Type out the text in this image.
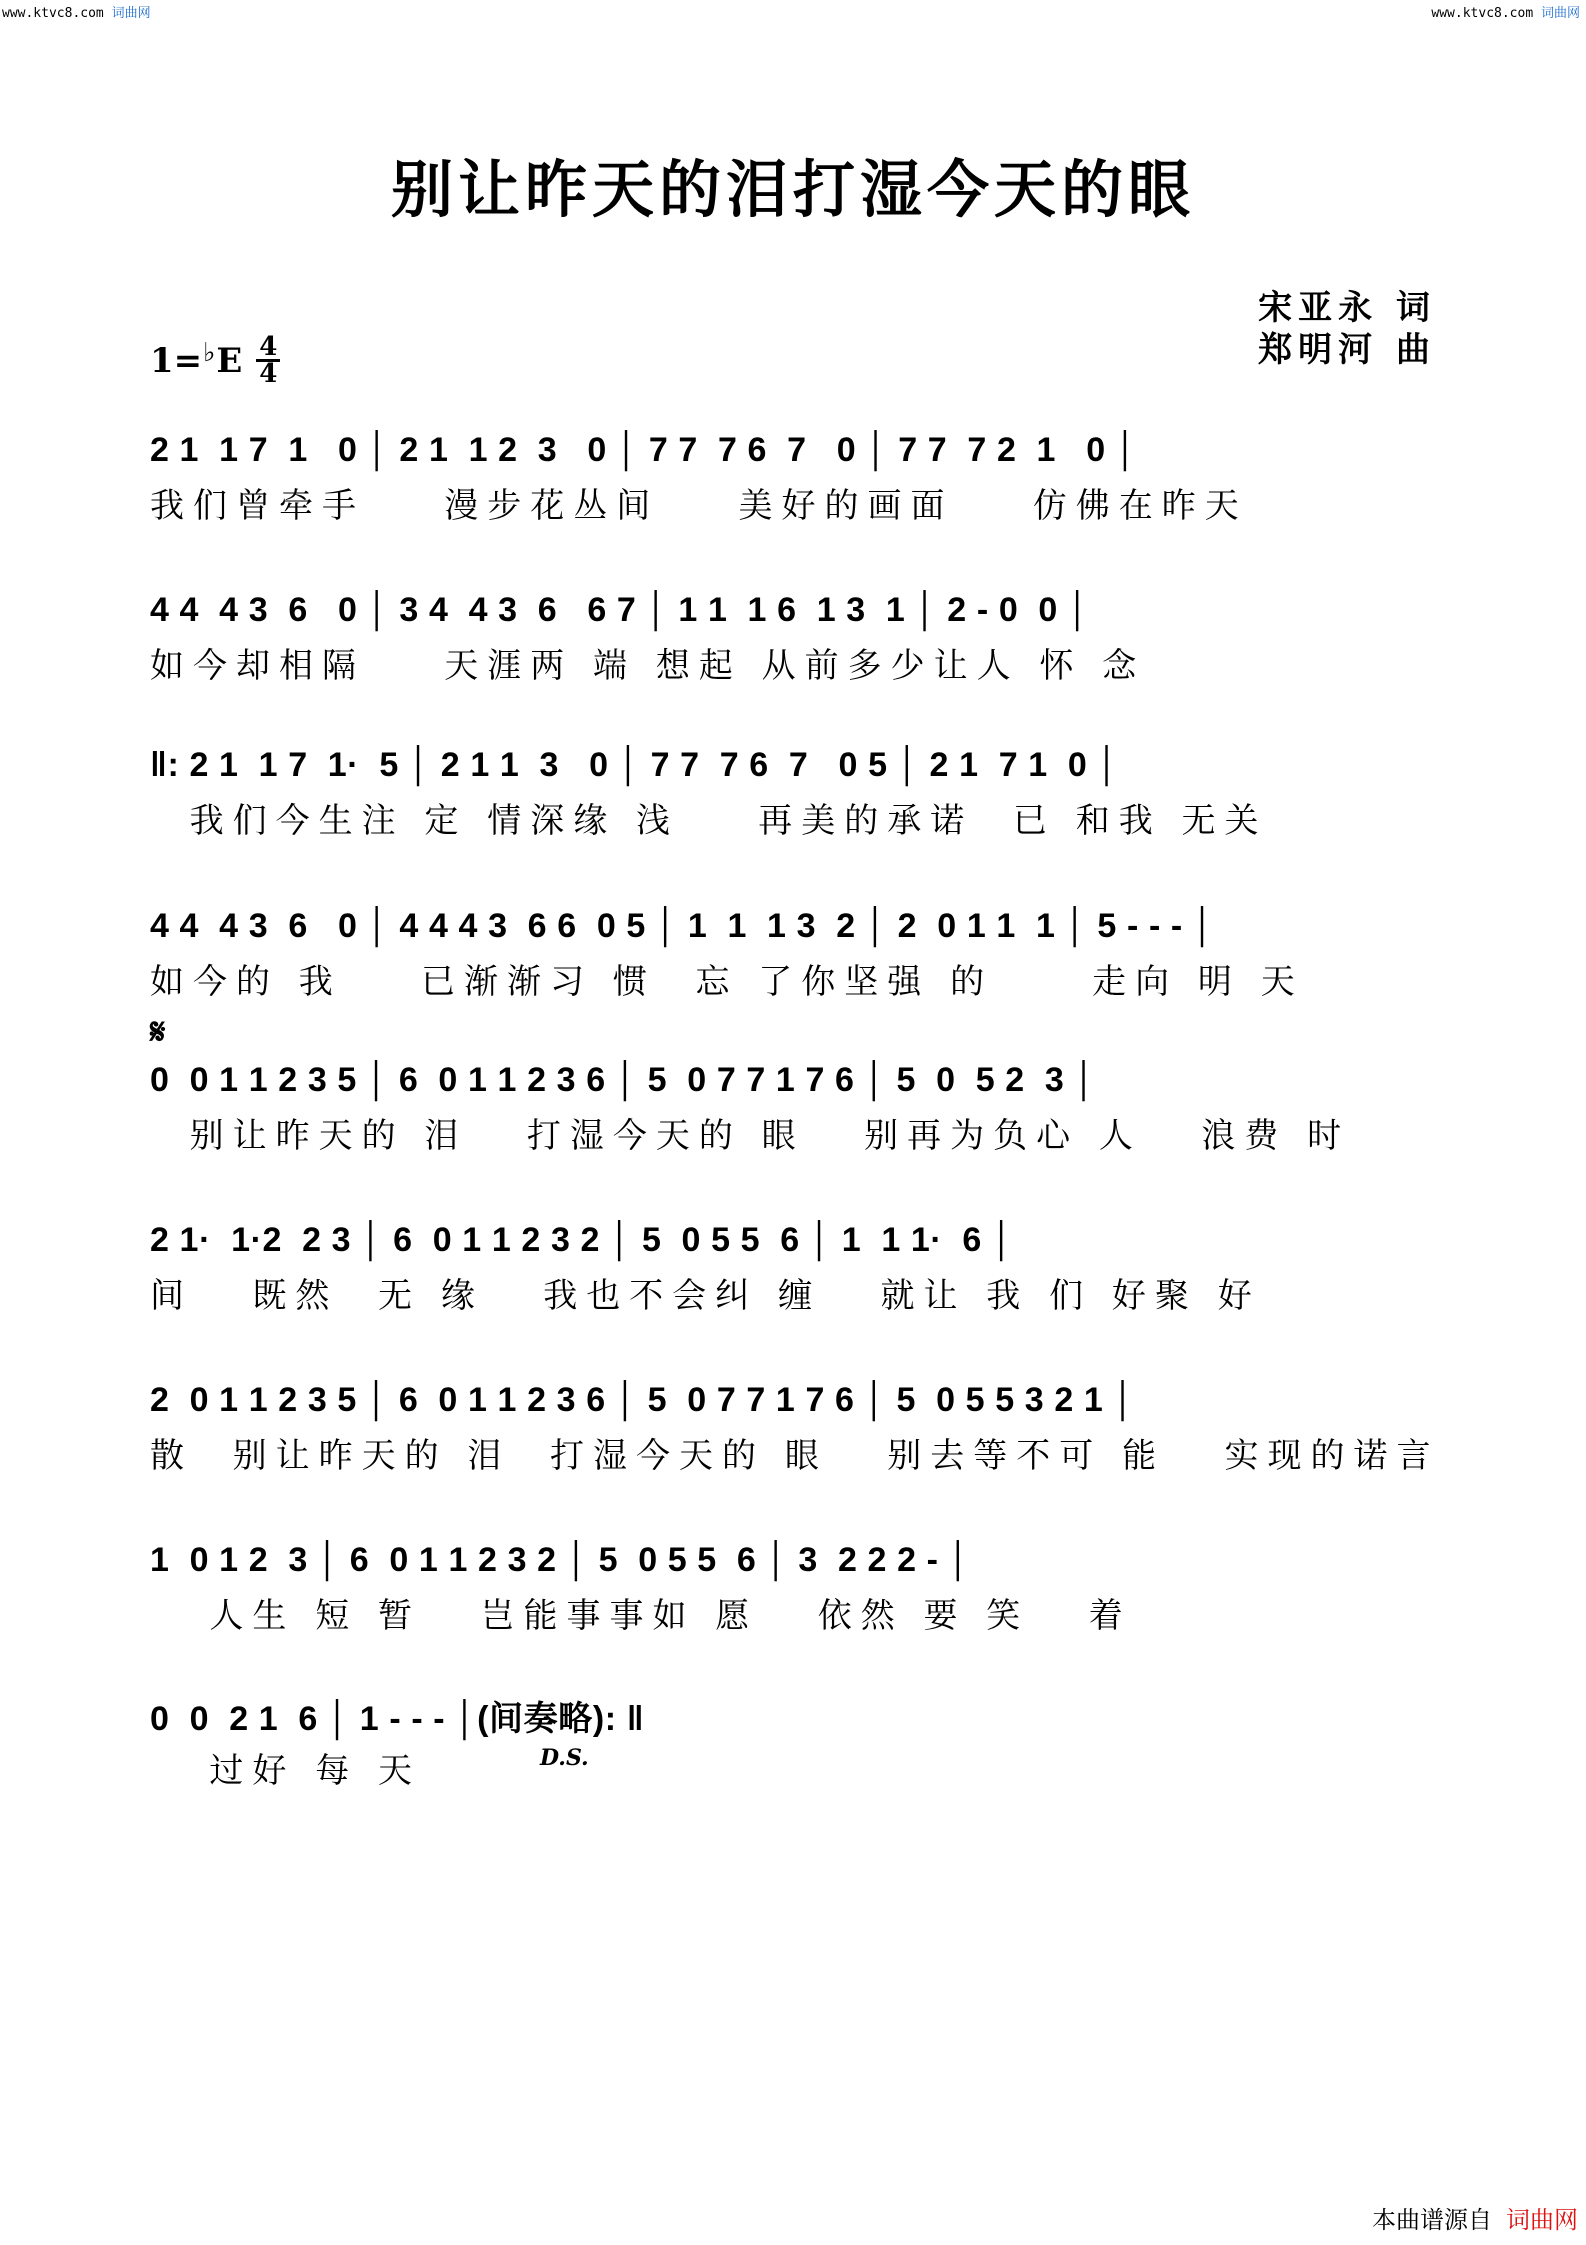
www.ktvc8.com 词曲网	www.ktvc8.com 词曲网
别让昨天的泪打湿今天的眼
宋亚永 词
郑明河 曲
1= ♭ E 4
4
2 1  1 7  1   0 │ 2 1  1 2  3   0 │ 7 7  7 6  7   0 │ 7 7  7 2  1   0 │
我们曾牵手    漫步花丛间    美好的画面    仿佛在昨天
4 4  4 3  6   0 │ 3 4  4 3  6   6 7 │ 1 1  1 6  1 3  1 │ 2 - 0  0 │
如今却相隔    天涯两 端 想起 从前多少让人 怀 念
‖: 2 1  1 7  1·  5 │ 2 1 1  3   0 │ 7 7  7 6  7   0 5 │ 2 1  7 1  0 │
我们今生注 定 情深缘 浅    再美的承诺  已 和我 无关
4 4  4 3  6   0 │ 4 4 4 3  6 6  0 5 │ 1  1  1 3  2 │ 2  0 1 1  1 │ 5 - - - │
如今的 我    已渐渐习 惯  忘 了你坚强 的     走向 明 天
𝄋
0  0 1 1 2 3 5 │ 6  0 1 1 2 3 6 │ 5  0 7 7 1 7 6 │ 5  0  5 2  3 │
别让昨天的 泪   打湿今天的 眼   别再为负心 人   浪费 时
2 1·  1·2  2 3 │ 6  0 1 1 2 3 2 │ 5  0 5 5  6 │ 1  1 1·  6 │
间   既然  无 缘   我也不会纠 缠   就让 我 们 好聚 好
2  0 1 1 2 3 5 │ 6  0 1 1 2 3 6 │ 5  0 7 7 1 7 6 │ 5  0 5 5 3 2 1 │
散  别让昨天的 泪  打湿今天的 眼   别去等不可 能   实现的诺言
1  0 1 2  3 │ 6  0 1 1 2 3 2 │ 5  0 5 5  6 │ 3  2 2 2 - │
人生 短 暂   岂能事事如 愿   依然 要 笑   着
0  0  2 1  6 │ 1 - - - │(间奏略): ‖
过好 每 天	D.S.
本曲谱源自 词曲网
